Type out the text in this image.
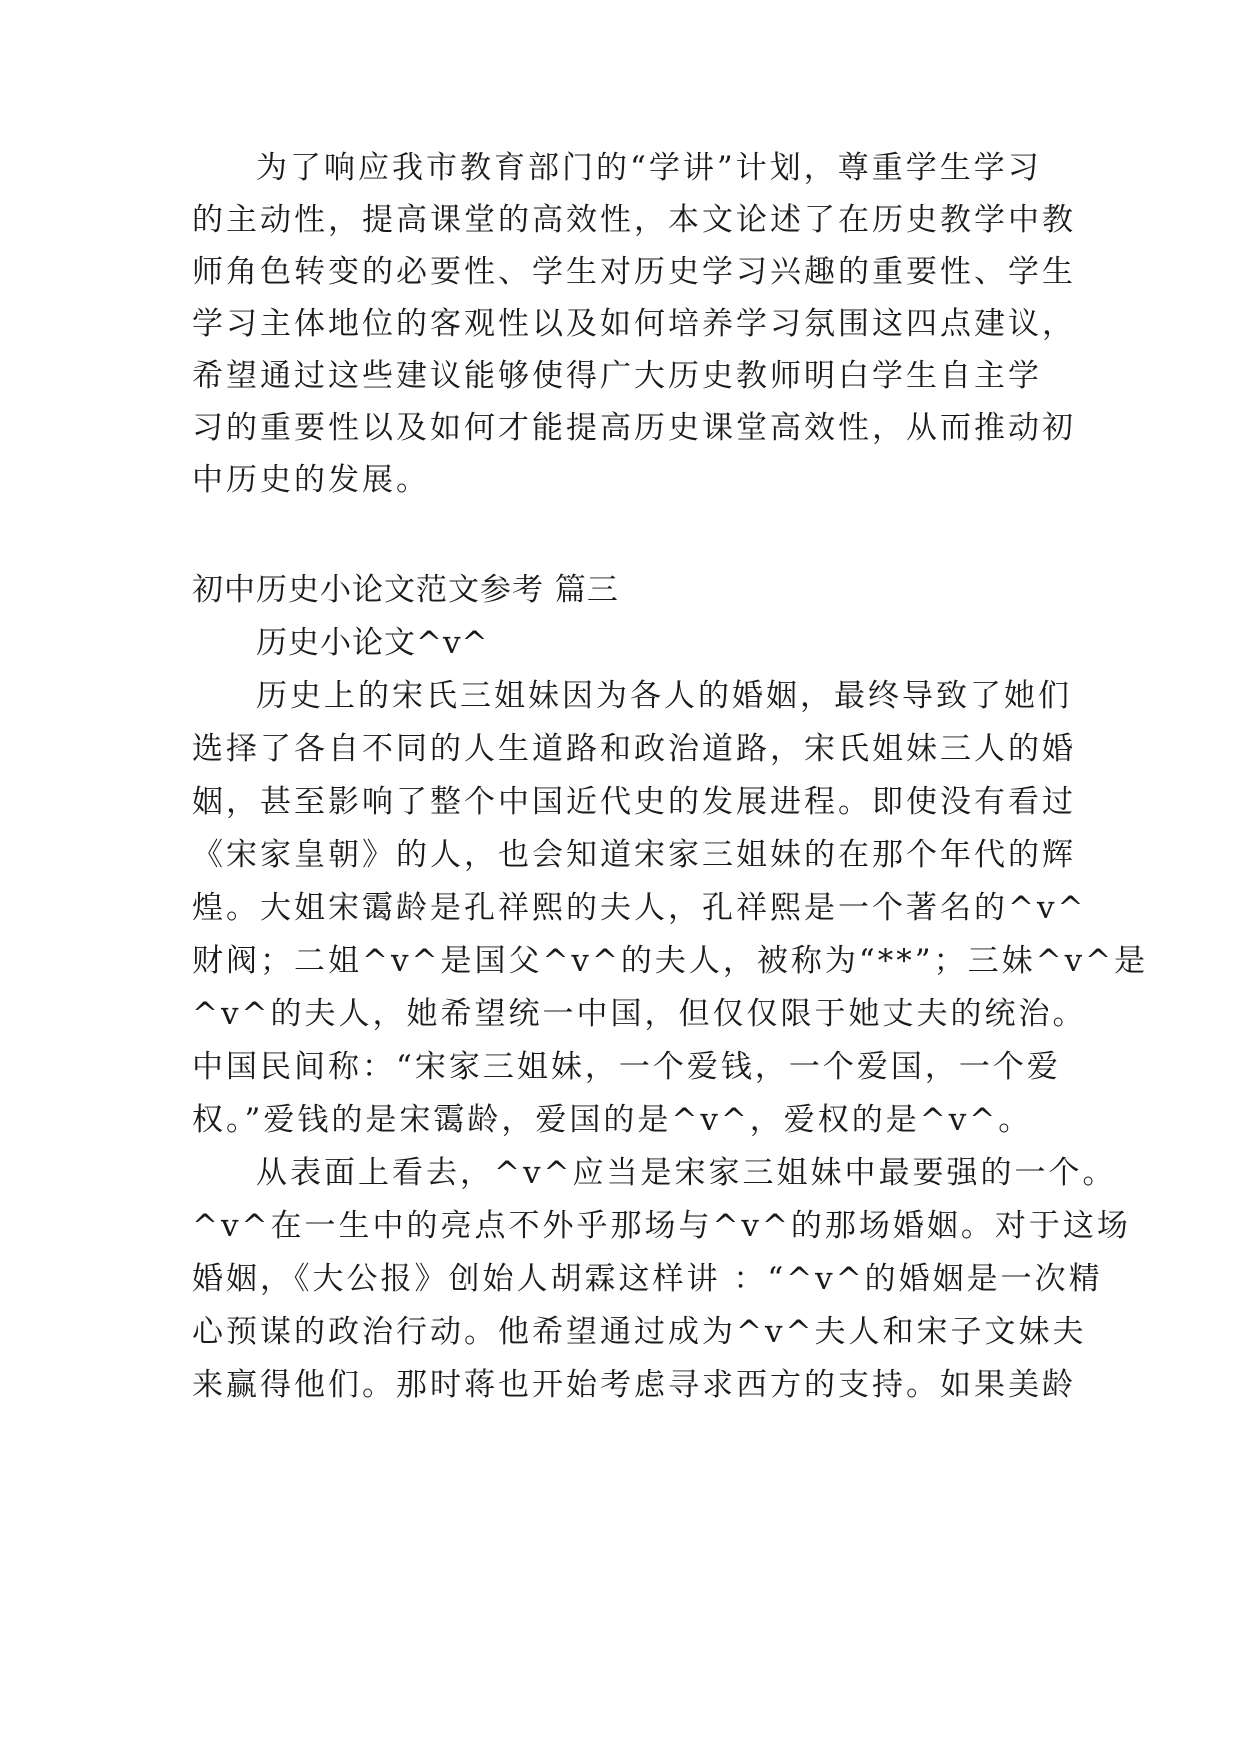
为了响应我市教育部门的“学讲”计划，尊重学生学习
的主动性，提高课堂的高效性，本文论述了在历史教学中教
师角色转变的必要性、学生对历史学习兴趣的重要性、学生
学习主体地位的客观性以及如何培养学习氛围这四点建议，
希望通过这些建议能够使得广大历史教师明白学生自主学
习的重要性以及如何才能提高历史课堂高效性，从而推动初
中历史的发展。
初中历史小论文范文参考 篇三
历史小论文^v^
历史上的宋氏三姐妹因为各人的婚姻，最终导致了她们
选择了各自不同的人生道路和政治道路，宋氏姐妹三人的婚
姻，甚至影响了整个中国近代史的发展进程。即使没有看过
《宋家皇朝》的人，也会知道宋家三姐妹的在那个年代的辉
煌。大姐宋霭龄是孔祥熙的夫人，孔祥熙是一个著名的^v^
财阀；二姐^v^是国父^v^的夫人，被称为“**”；三妹^v^是
^v^的夫人，她希望统一中国，但仅仅限于她丈夫的统治。
中国民间称：“宋家三姐妹，一个爱钱，一个爱国，一个爱
权。”爱钱的是宋霭龄，爱国的是^v^，爱权的是^v^。
从表面上看去，^v^应当是宋家三姐妹中最要强的一个。
^v^在一生中的亮点不外乎那场与^v^的那场婚姻。对于这场
婚姻，《大公报》创始人胡霖这样讲 ：“^v^的婚姻是一次精
心预谋的政治行动。他希望通过成为^v^夫人和宋子文妹夫
来赢得他们。那时蒋也开始考虑寻求西方的支持。如果美龄
